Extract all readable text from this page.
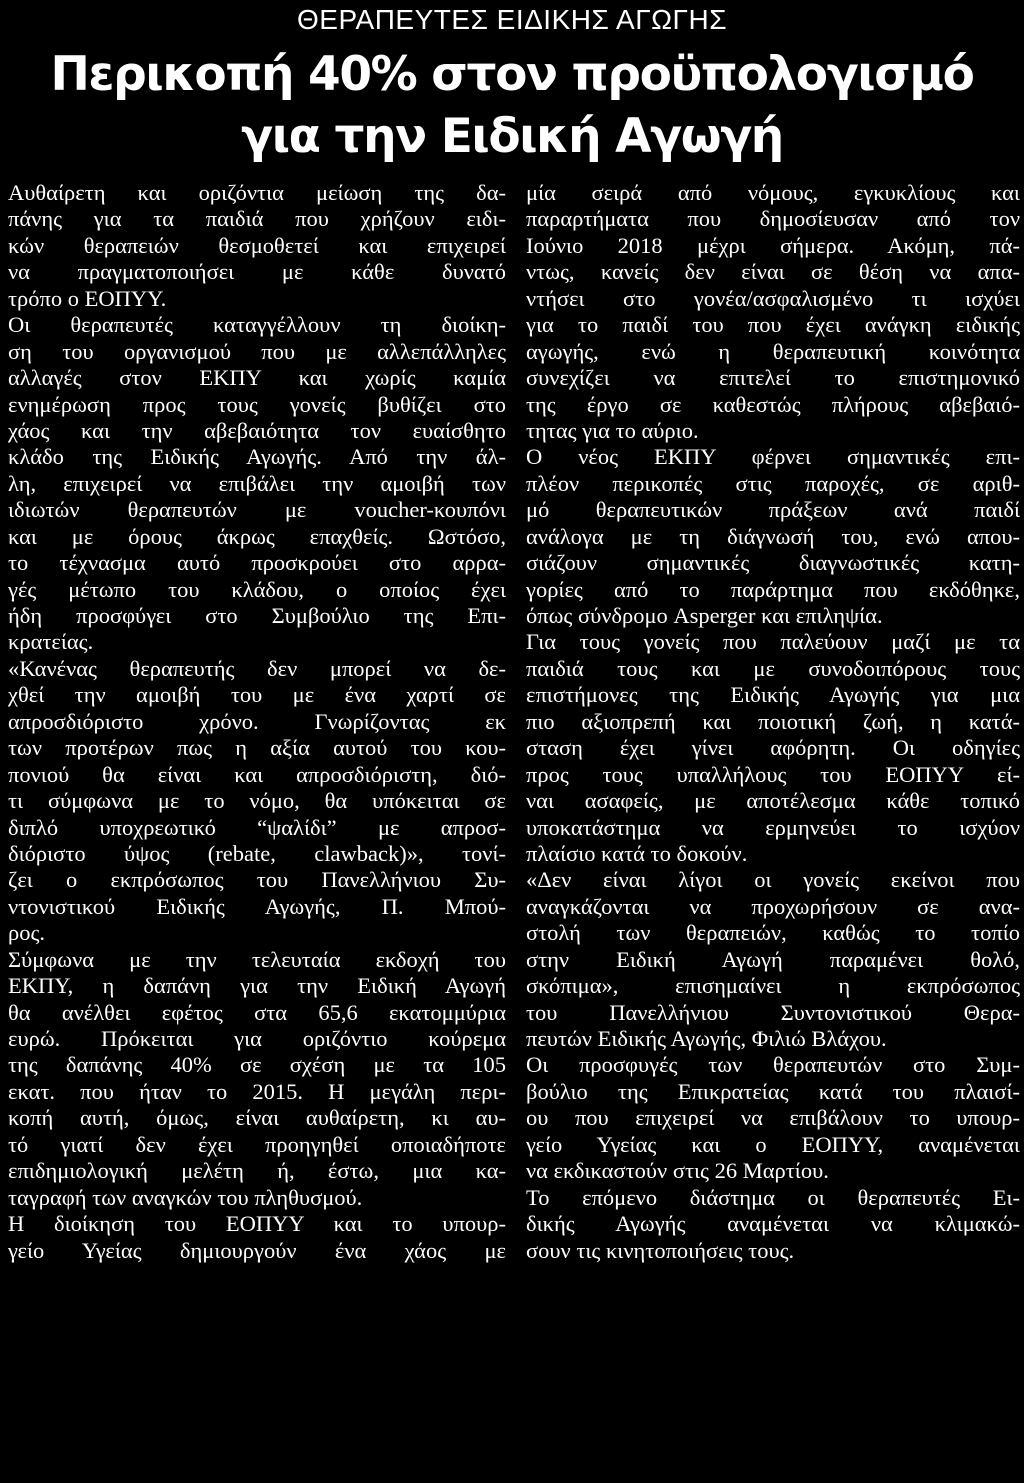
ΘΕΡΑΠΕΥΤΕΣ ΕΙΔΙΚΗΣ ΑΓΩΓΗΣ
Περικοπή 40% στον προϋπολογισμό
για την Ειδική Αγωγή
Αυθαίρετη και οριζόντια μείωση της δα-
πάνης για τα παιδιά που χρήζουν ειδι-
κών θεραπειών θεσμοθετεί και επιχειρεί
να πραγματοποιήσει με κάθε δυνατό
τρόπο ο ΕΟΠΥΥ.
Οι θεραπευτές καταγγέλλουν τη διοίκη-
ση του οργανισμού που με αλλεπάλληλες
αλλαγές στον ΕΚΠΥ και χωρίς καμία
ενημέρωση προς τους γονείς βυθίζει στο
χάος και την αβεβαιότητα τον ευαίσθητο
κλάδο της Ειδικής Αγωγής. Από την άλ-
λη, επιχειρεί να επιβάλει την αμοιβή των
ιδιωτών θεραπευτών με voucher-κουπόνι
και με όρους άκρως επαχθείς. Ωστόσο,
το τέχνασμα αυτό προσκρούει στο αρρα-
γές μέτωπο του κλάδου, ο οποίος έχει
ήδη προσφύγει στο Συμβούλιο της Επι-
κρατείας.
«Κανένας θεραπευτής δεν μπορεί να δε-
χθεί την αμοιβή του με ένα χαρτί σε
απροσδιόριστο χρόνο. Γνωρίζοντας εκ
των προτέρων πως η αξία αυτού του κου-
πονιού θα είναι και απροσδιόριστη, διό-
τι σύμφωνα με το νόμο, θα υπόκειται σε
διπλό υποχρεωτικό “ψαλίδι” με απροσ-
διόριστο ύψος (rebate, clawback)», τονί-
ζει ο εκπρόσωπος του Πανελλήνιου Συ-
ντονιστικού Ειδικής Αγωγής, Π. Μπού-
ρος.
Σύμφωνα με την τελευταία εκδοχή του
ΕΚΠΥ, η δαπάνη για την Ειδική Αγωγή
θα ανέλθει εφέτος στα 65,6 εκατομμύρια
ευρώ. Πρόκειται για οριζόντιο κούρεμα
της δαπάνης 40% σε σχέση με τα 105
εκατ. που ήταν το 2015. Η μεγάλη περι-
κοπή αυτή, όμως, είναι αυθαίρετη, κι αυ-
τό γιατί δεν έχει προηγηθεί οποιαδήποτε
επιδημιολογική μελέτη ή, έστω, μια κα-
ταγραφή των αναγκών του πληθυσμού.
Η διοίκηση του ΕΟΠΥΥ και το υπουρ-
γείο Υγείας δημιουργούν ένα χάος με
μία σειρά από νόμους, εγκυκλίους και
παραρτήματα που δημοσίευσαν από τον
Ιούνιο 2018 μέχρι σήμερα. Ακόμη, πά-
ντως, κανείς δεν είναι σε θέση να απα-
ντήσει στο γονέα/ασφαλισμένο τι ισχύει
για το παιδί του που έχει ανάγκη ειδικής
αγωγής, ενώ η θεραπευτική κοινότητα
συνεχίζει να επιτελεί το επιστημονικό
της έργο σε καθεστώς πλήρους αβεβαιό-
τητας για το αύριο.
Ο νέος ΕΚΠΥ φέρνει σημαντικές επι-
πλέον περικοπές στις παροχές, σε αριθ-
μό θεραπευτικών πράξεων ανά παιδί
ανάλογα με τη διάγνωσή του, ενώ απου-
σιάζουν σημαντικές διαγνωστικές κατη-
γορίες από το παράρτημα που εκδόθηκε,
όπως σύνδρομο Asperger και επιληψία.
Για τους γονείς που παλεύουν μαζί με τα
παιδιά τους και με συνοδοιπόρους τους
επιστήμονες της Ειδικής Αγωγής για μια
πιο αξιοπρεπή και ποιοτική ζωή, η κατά-
σταση έχει γίνει αφόρητη. Οι οδηγίες
προς τους υπαλλήλους του ΕΟΠΥΥ εί-
ναι ασαφείς, με αποτέλεσμα κάθε τοπικό
υποκατάστημα να ερμηνεύει το ισχύον
πλαίσιο κατά το δοκούν.
«Δεν είναι λίγοι οι γονείς εκείνοι που
αναγκάζονται να προχωρήσουν σε ανα-
στολή των θεραπειών, καθώς το τοπίο
στην Ειδική Αγωγή παραμένει θολό,
σκόπιμα», επισημαίνει η εκπρόσωπος
του Πανελλήνιου Συντονιστικού Θερα-
πευτών Ειδικής Αγωγής, Φιλιώ Βλάχου.
Οι προσφυγές των θεραπευτών στο Συμ-
βούλιο της Επικρατείας κατά του πλαισί-
ου που επιχειρεί να επιβάλουν το υπουρ-
γείο Υγείας και ο ΕΟΠΥΥ, αναμένεται
να εκδικαστούν στις 26 Μαρτίου.
Το επόμενο διάστημα οι θεραπευτές Ει-
δικής Αγωγής αναμένεται να κλιμακώ-
σουν τις κινητοποιήσεις τους.
